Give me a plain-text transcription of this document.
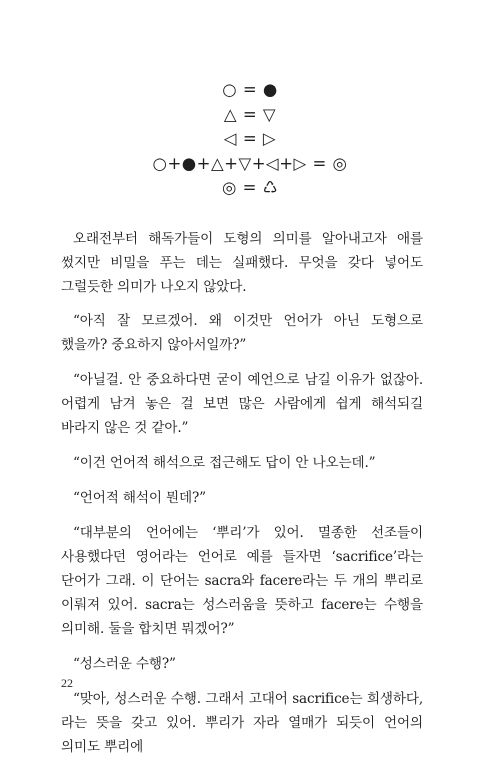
○ = ●
△ = ▽
◁ = ▷
○+●+△+▽+◁+▷ = ◎
◎ = ♺

오래전부터 해독가들이 도형의 의미를 알아내고자 애를 썼지만 비밀을 푸는 데는 실패했다. 무엇을 갖다 넣어도 그럴듯한 의미가 나오지 않았다.

“아직 잘 모르겠어. 왜 이것만 언어가 아닌 도형으로 했을까? 중요하지 않아서일까?”

“아닐걸. 안 중요하다면 굳이 예언으로 남길 이유가 없잖아. 어렵게 남겨 놓은 걸 보면 많은 사람에게 쉽게 해석되길 바라지 않은 것 같아.”

“이건 언어적 해석으로 접근해도 답이 안 나오는데.”

“언어적 해석이 뭔데?”

“대부분의 언어에는 ‘뿌리’가 있어. 멸종한 선조들이 사용했다던 영어라는 언어로 예를 들자면 ‘sacrifice’라는 단어가 그래. 이 단어는 sacra와 facere라는 두 개의 뿌리로 이뤄져 있어. sacra는 성스러움을 뜻하고 facere는 수행을 의미해. 둘을 합치면 뭐겠어?”

“성스러운 수행?”

“맞아, 성스러운 수행. 그래서 고대어 sacrifice는 희생하다,라는 뜻을 갖고 있어. 뿌리가 자라 열매가 되듯이 언어의 의미도 뿌리에

22
